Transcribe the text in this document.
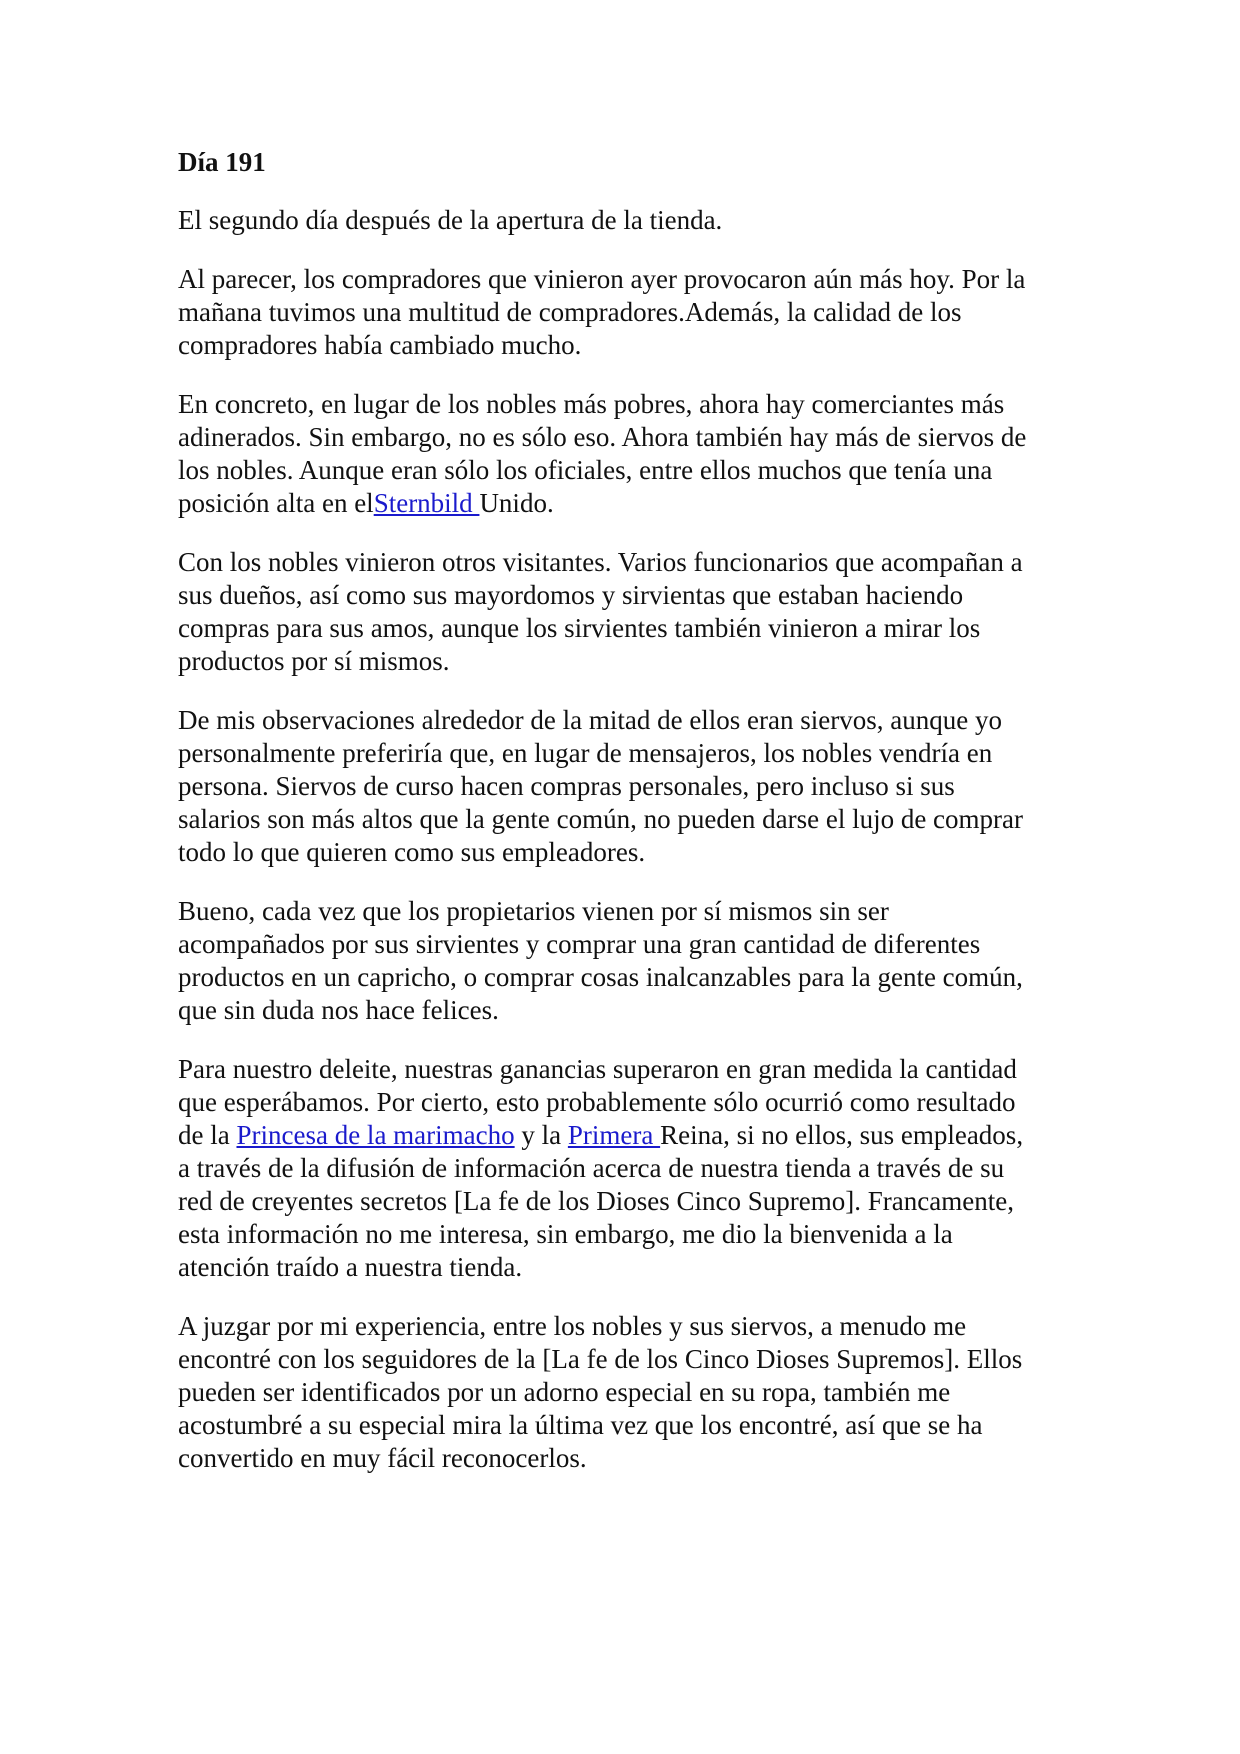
Día 191

El segundo día después de la apertura de la tienda.

Al parecer, los compradores que vinieron ayer provocaron aún más hoy. Por la
mañana tuvimos una multitud de compradores.Además, la calidad de los
compradores había cambiado mucho.

En concreto, en lugar de los nobles más pobres, ahora hay comerciantes más
adinerados. Sin embargo, no es sólo eso. Ahora también hay más de siervos de
los nobles. Aunque eran sólo los oficiales, entre ellos muchos que tenía una
posición alta en elSternbild Unido.

Con los nobles vinieron otros visitantes. Varios funcionarios que acompañan a
sus dueños, así como sus mayordomos y sirvientas que estaban haciendo
compras para sus amos, aunque los sirvientes también vinieron a mirar los
productos por sí mismos.

De mis observaciones alrededor de la mitad de ellos eran siervos, aunque yo
personalmente preferiría que, en lugar de mensajeros, los nobles vendría en
persona. Siervos de curso hacen compras personales, pero incluso si sus
salarios son más altos que la gente común, no pueden darse el lujo de comprar
todo lo que quieren como sus empleadores.

Bueno, cada vez que los propietarios vienen por sí mismos sin ser
acompañados por sus sirvientes y comprar una gran cantidad de diferentes
productos en un capricho, o comprar cosas inalcanzables para la gente común,
que sin duda nos hace felices.

Para nuestro deleite, nuestras ganancias superaron en gran medida la cantidad
que esperábamos. Por cierto, esto probablemente sólo ocurrió como resultado
de la Princesa de la marimacho y la Primera Reina, si no ellos, sus empleados,
a través de la difusión de información acerca de nuestra tienda a través de su
red de creyentes secretos [La fe de los Dioses Cinco Supremo]. Francamente,
esta información no me interesa, sin embargo, me dio la bienvenida a la
atención traído a nuestra tienda.

A juzgar por mi experiencia, entre los nobles y sus siervos, a menudo me
encontré con los seguidores de la [La fe de los Cinco Dioses Supremos]. Ellos
pueden ser identificados por un adorno especial en su ropa, también me
acostumbré a su especial mira la última vez que los encontré, así que se ha
convertido en muy fácil reconocerlos.
